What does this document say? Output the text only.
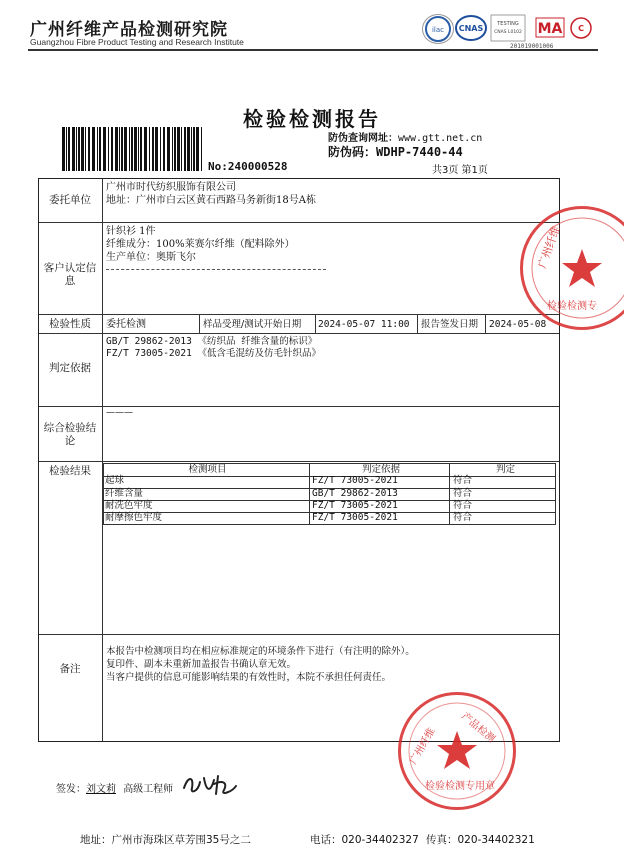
广州纤维产品检测研究院
Guangzhou Fibre Product Testing and Research Institute
ilac CNAS	TESTING
CNAS L0102 MA C
201019001006
检验检测报告
防伪查询网址：www.gtt.net.cn
防伪码：WDHP-7440-44
No:240000528	共3页 第1页
委托单位
广州市时代纺织服饰有限公司
地址：广州市白云区黄石西路马务新街18号A栋
客户认定信息
针织衫 1件
纤维成分：100%莱赛尔纤维（配料除外）
生产单位：奥斯飞尔
检验性质	委托检测	样品受理/测试开始日期 2024-05-07 11:00 报告签发日期 2024-05-08
判定依据
GB/T 29862-2013 《纺织品 纤维含量的标识》
FZ/T 73005-2021 《低含毛混纺及仿毛针织品》
综合检验结论
———
检验结果	检测项目	判定依据	判定
起球	FZ/T 73005-2021	符合
纤维含量	GB/T 29862-2013	符合
耐洗色牢度	FZ/T 73005-2021	符合
耐摩擦色牢度	FZ/T 73005-2021	符合
备注
本报告中检测项目均在相应标准规定的环境条件下进行（有注明的除外）。
复印件、副本未重新加盖报告书确认章无效。
当客户提供的信息可能影响结果的有效性时，本院不承担任何责任。
广州纤维
检验检测专
广州纤维 产品检测
检验检测专用章
签发：刘文莉 高级工程师
地址：广州市海珠区草芳围35号之二	电话：020-34402327 传真：020-34402321
